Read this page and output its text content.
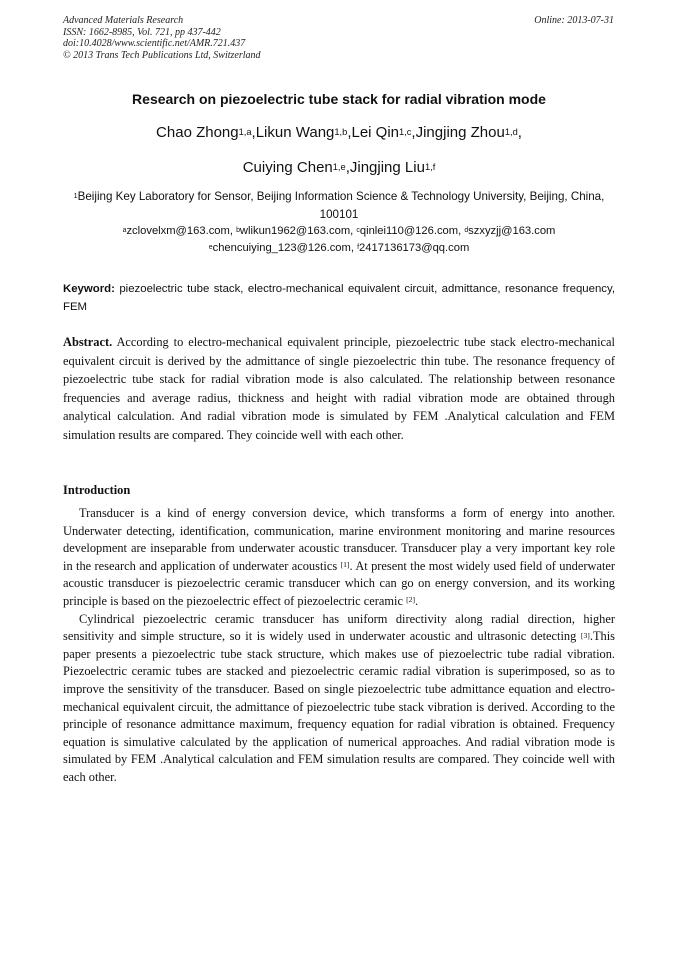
Advanced Materials Research
ISSN: 1662-8985, Vol. 721, pp 437-442
doi:10.4028/www.scientific.net/AMR.721.437
© 2013 Trans Tech Publications Ltd, Switzerland
Online: 2013-07-31
Research on piezoelectric tube stack for radial vibration mode
Chao Zhong$^{1,a}$,Likun Wang$^{1,b}$,Lei Qin$^{1,c}$,Jingjing Zhou$^{1,d}$,
Cuiying Chen$^{1,e}$,Jingjing Liu$^{1,f}$
$^1$Beijing Key Laboratory for Sensor, Beijing Information Science & Technology University, Beijing, China, 100101
$^a$zclovelxm@163.com, $^b$wlikun1962@163.com, $^c$qinlei110@126.com, $^d$szxyzjj@163.com
$^e$chencuiying_123@126.com, $^f$2417136173@qq.com
Keyword: piezoelectric tube stack, electro-mechanical equivalent circuit, admittance, resonance frequency, FEM
Abstract. According to electro-mechanical equivalent principle, piezoelectric tube stack electro-mechanical equivalent circuit is derived by the admittance of single piezoelectric thin tube. The resonance frequency of piezoelectric tube stack for radial vibration mode is also calculated. The relationship between resonance frequencies and average radius, thickness and height with radial vibration mode are obtained through analytical calculation. And radial vibration mode is simulated by FEM .Analytical calculation and FEM simulation results are compared. They coincide well with each other.
Introduction

Transducer is a kind of energy conversion device, which transforms a form of energy into another. Underwater detecting, identification, communication, marine environment monitoring and marine resources development are inseparable from underwater acoustic transducer. Transducer play a very important key role in the research and application of underwater acoustics [1]. At present the most widely used field of underwater acoustic transducer is piezoelectric ceramic transducer which can go on energy conversion, and its working principle is based on the piezoelectric effect of piezoelectric ceramic [2].

Cylindrical piezoelectric ceramic transducer has uniform directivity along radial direction, higher sensitivity and simple structure, so it is widely used in underwater acoustic and ultrasonic detecting [3].This paper presents a piezoelectric tube stack structure, which makes use of piezoelectric tube radial vibration. Piezoelectric ceramic tubes are stacked and piezoelectric ceramic radial vibration is superimposed, so as to improve the sensitivity of the transducer. Based on single piezoelectric tube admittance equation and electro-mechanical equivalent circuit, the admittance of piezoelectric tube stack vibration is derived. According to the principle of resonance admittance maximum, frequency equation for radial vibration is obtained. Frequency equation is simulative calculated by the application of numerical approaches. And radial vibration mode is simulated by FEM .Analytical calculation and FEM simulation results are compared. They coincide well with each other.
